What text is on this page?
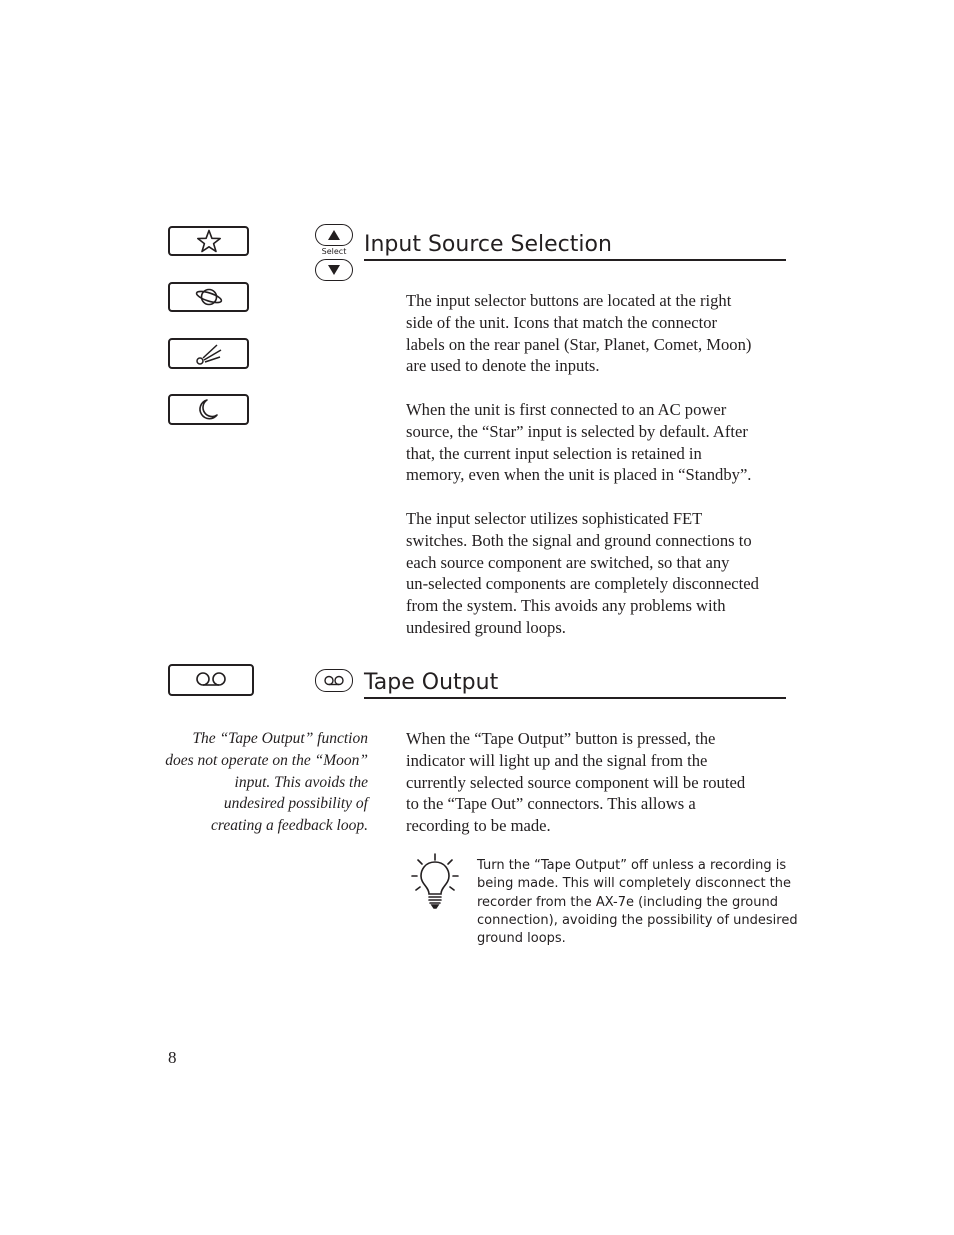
Select Input Source Selection

The input selector buttons are located at the right
side of the unit. Icons that match the connector
labels on the rear panel (Star, Planet, Comet, Moon)
are used to denote the inputs.

When the unit is first connected to an AC power
source, the “Star” input is selected by default. After
that, the current input selection is retained in
memory, even when the unit is placed in “Standby”.

The input selector utilizes sophisticated FET
switches. Both the signal and ground connections to
each source component are switched, so that any
un-selected components are completely disconnected
from the system. This avoids any problems with
undesired ground loops.

Tape Output
The “Tape Output” function
does not operate on the “Moon”
input. This avoids the
undesired possibility of
creating a feedback loop.

When the “Tape Output” button is pressed, the
indicator will light up and the signal from the
currently selected source component will be routed
to the “Tape Out” connectors. This allows a
recording to be made.

Turn the “Tape Output” off unless a recording is
being made. This will completely disconnect the
recorder from the AX-7e (including the ground
connection), avoiding the possibility of undesired
ground loops.
8
